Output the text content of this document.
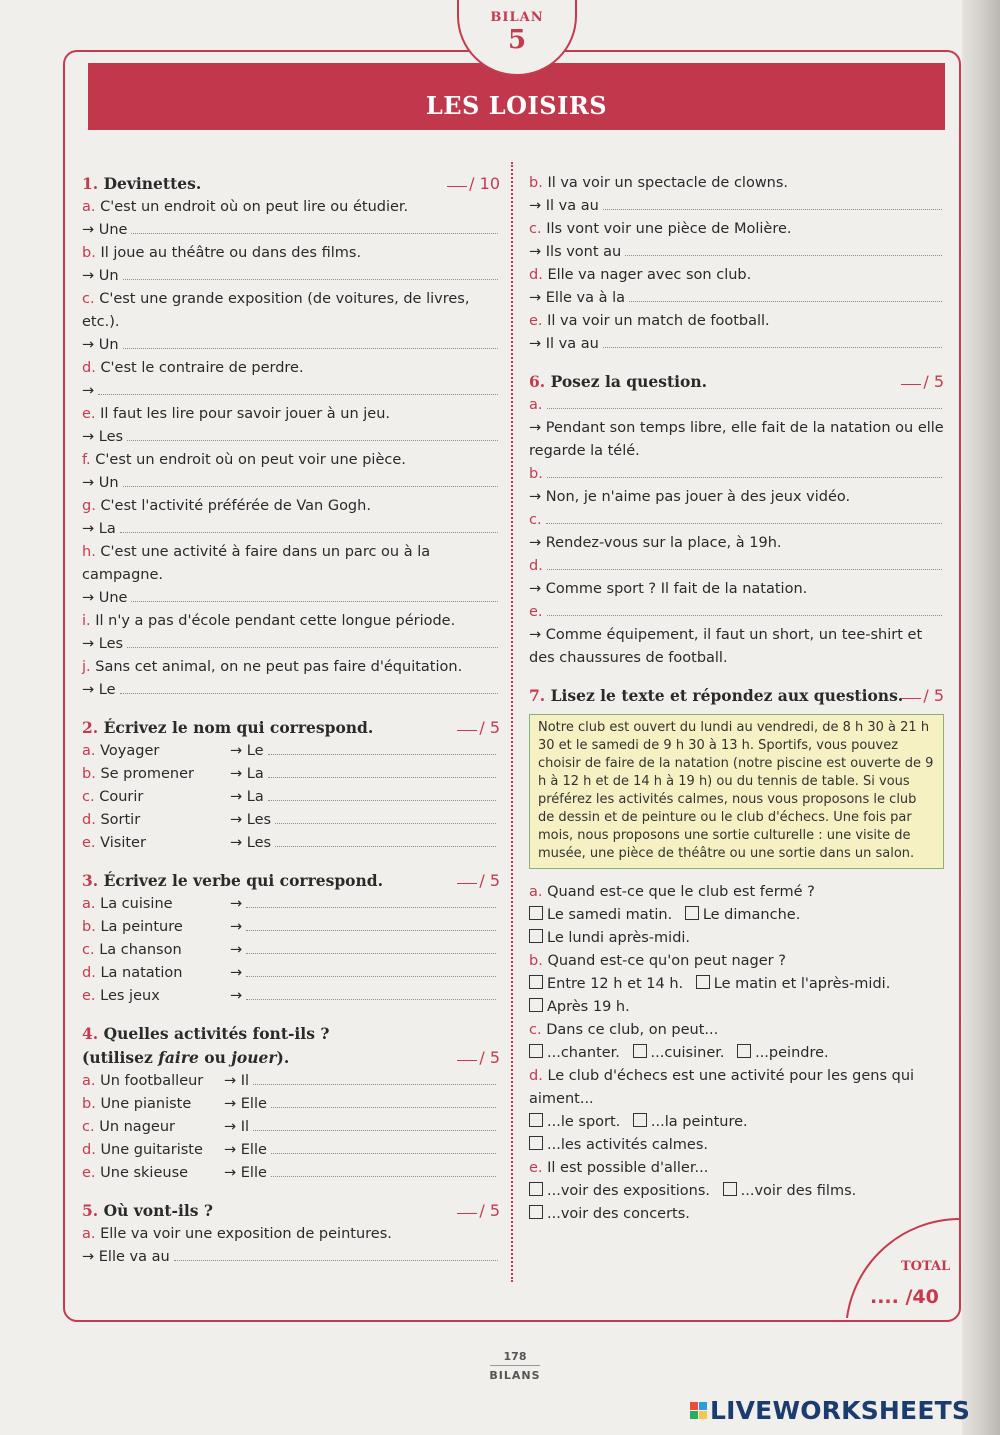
BILAN
5
LES LOISIRS
1. Devinettes.	/ 10
a. C'est un endroit où on peut lire ou étudier.
→ Une
b. Il joue au théâtre ou dans des films.
→ Un
c. C'est une grande exposition (de voitures, de livres, etc.).
→ Un
d. C'est le contraire de perdre.
→
e. Il faut les lire pour savoir jouer à un jeu.
→ Les
f. C'est un endroit où on peut voir une pièce.
→ Un
g. C'est l'activité préférée de Van Gogh.
→ La
h. C'est une activité à faire dans un parc ou à la campagne.
→ Une
i. Il n'y a pas d'école pendant cette longue période.
→ Les
j. Sans cet animal, on ne peut pas faire d'équitation.
→ Le
2. Écrivez le nom qui correspond.	/ 5
a. Voyager	→ Le
b. Se promener	→ La
c. Courir	→ La
d. Sortir	→ Les
e. Visiter	→ Les
3. Écrivez le verbe qui correspond.	/ 5
a. La cuisine	→
b. La peinture	→
c. La chanson	→
d. La natation	→
e. Les jeux	→
4. Quelles activités font-ils ?
(utilisez faire ou jouer).	/ 5
a. Un footballeur	→ Il
b. Une pianiste	→ Elle
c. Un nageur	→ Il
d. Une guitariste	→ Elle
e. Une skieuse	→ Elle
5. Où vont-ils ?	/ 5
a. Elle va voir une exposition de peintures.
→ Elle va au
b. Il va voir un spectacle de clowns.
→ Il va au
c. Ils vont voir une pièce de Molière.
→ Ils vont au
d. Elle va nager avec son club.
→ Elle va à la
e. Il va voir un match de football.
→ Il va au
6. Posez la question.	/ 5
a.
→ Pendant son temps libre, elle fait de la natation ou elle regarde la télé.
b.
→ Non, je n'aime pas jouer à des jeux vidéo.
c.
→ Rendez-vous sur la place, à 19h.
d.
→ Comme sport ? Il fait de la natation.
e.
→ Comme équipement, il faut un short, un tee-shirt et des chaussures de football.
7. Lisez le texte et répondez aux questions.	/ 5
Notre club est ouvert du lundi au vendredi, de 8 h 30 à 21 h 30 et le samedi de 9 h 30 à 13 h. Sportifs, vous pouvez choisir de faire de la natation (notre piscine est ouverte de 9 h à 12 h et de 14 h à 19 h) ou du tennis de table. Si vous préférez les activités calmes, nous vous proposons le club de dessin et de peinture ou le club d'échecs. Une fois par mois, nous proposons une sortie culturelle : une visite de musée, une pièce de théâtre ou une sortie dans un salon.
a. Quand est-ce que le club est fermé ?
Le samedi matin. Le dimanche.
Le lundi après-midi.
b. Quand est-ce qu'on peut nager ?
Entre 12 h et 14 h. Le matin et l'après-midi.
Après 19 h.
c. Dans ce club, on peut...
...chanter. ...cuisiner. ...peindre.
d. Le club d'échecs est une activité pour les gens qui aiment...
...le sport. ...la peinture.
...les activités calmes.
e. Il est possible d'aller...
...voir des expositions. ...voir des films.
...voir des concerts.
TOTAL
.... /40
178
BILANS
LIVEWORKSHEETS
